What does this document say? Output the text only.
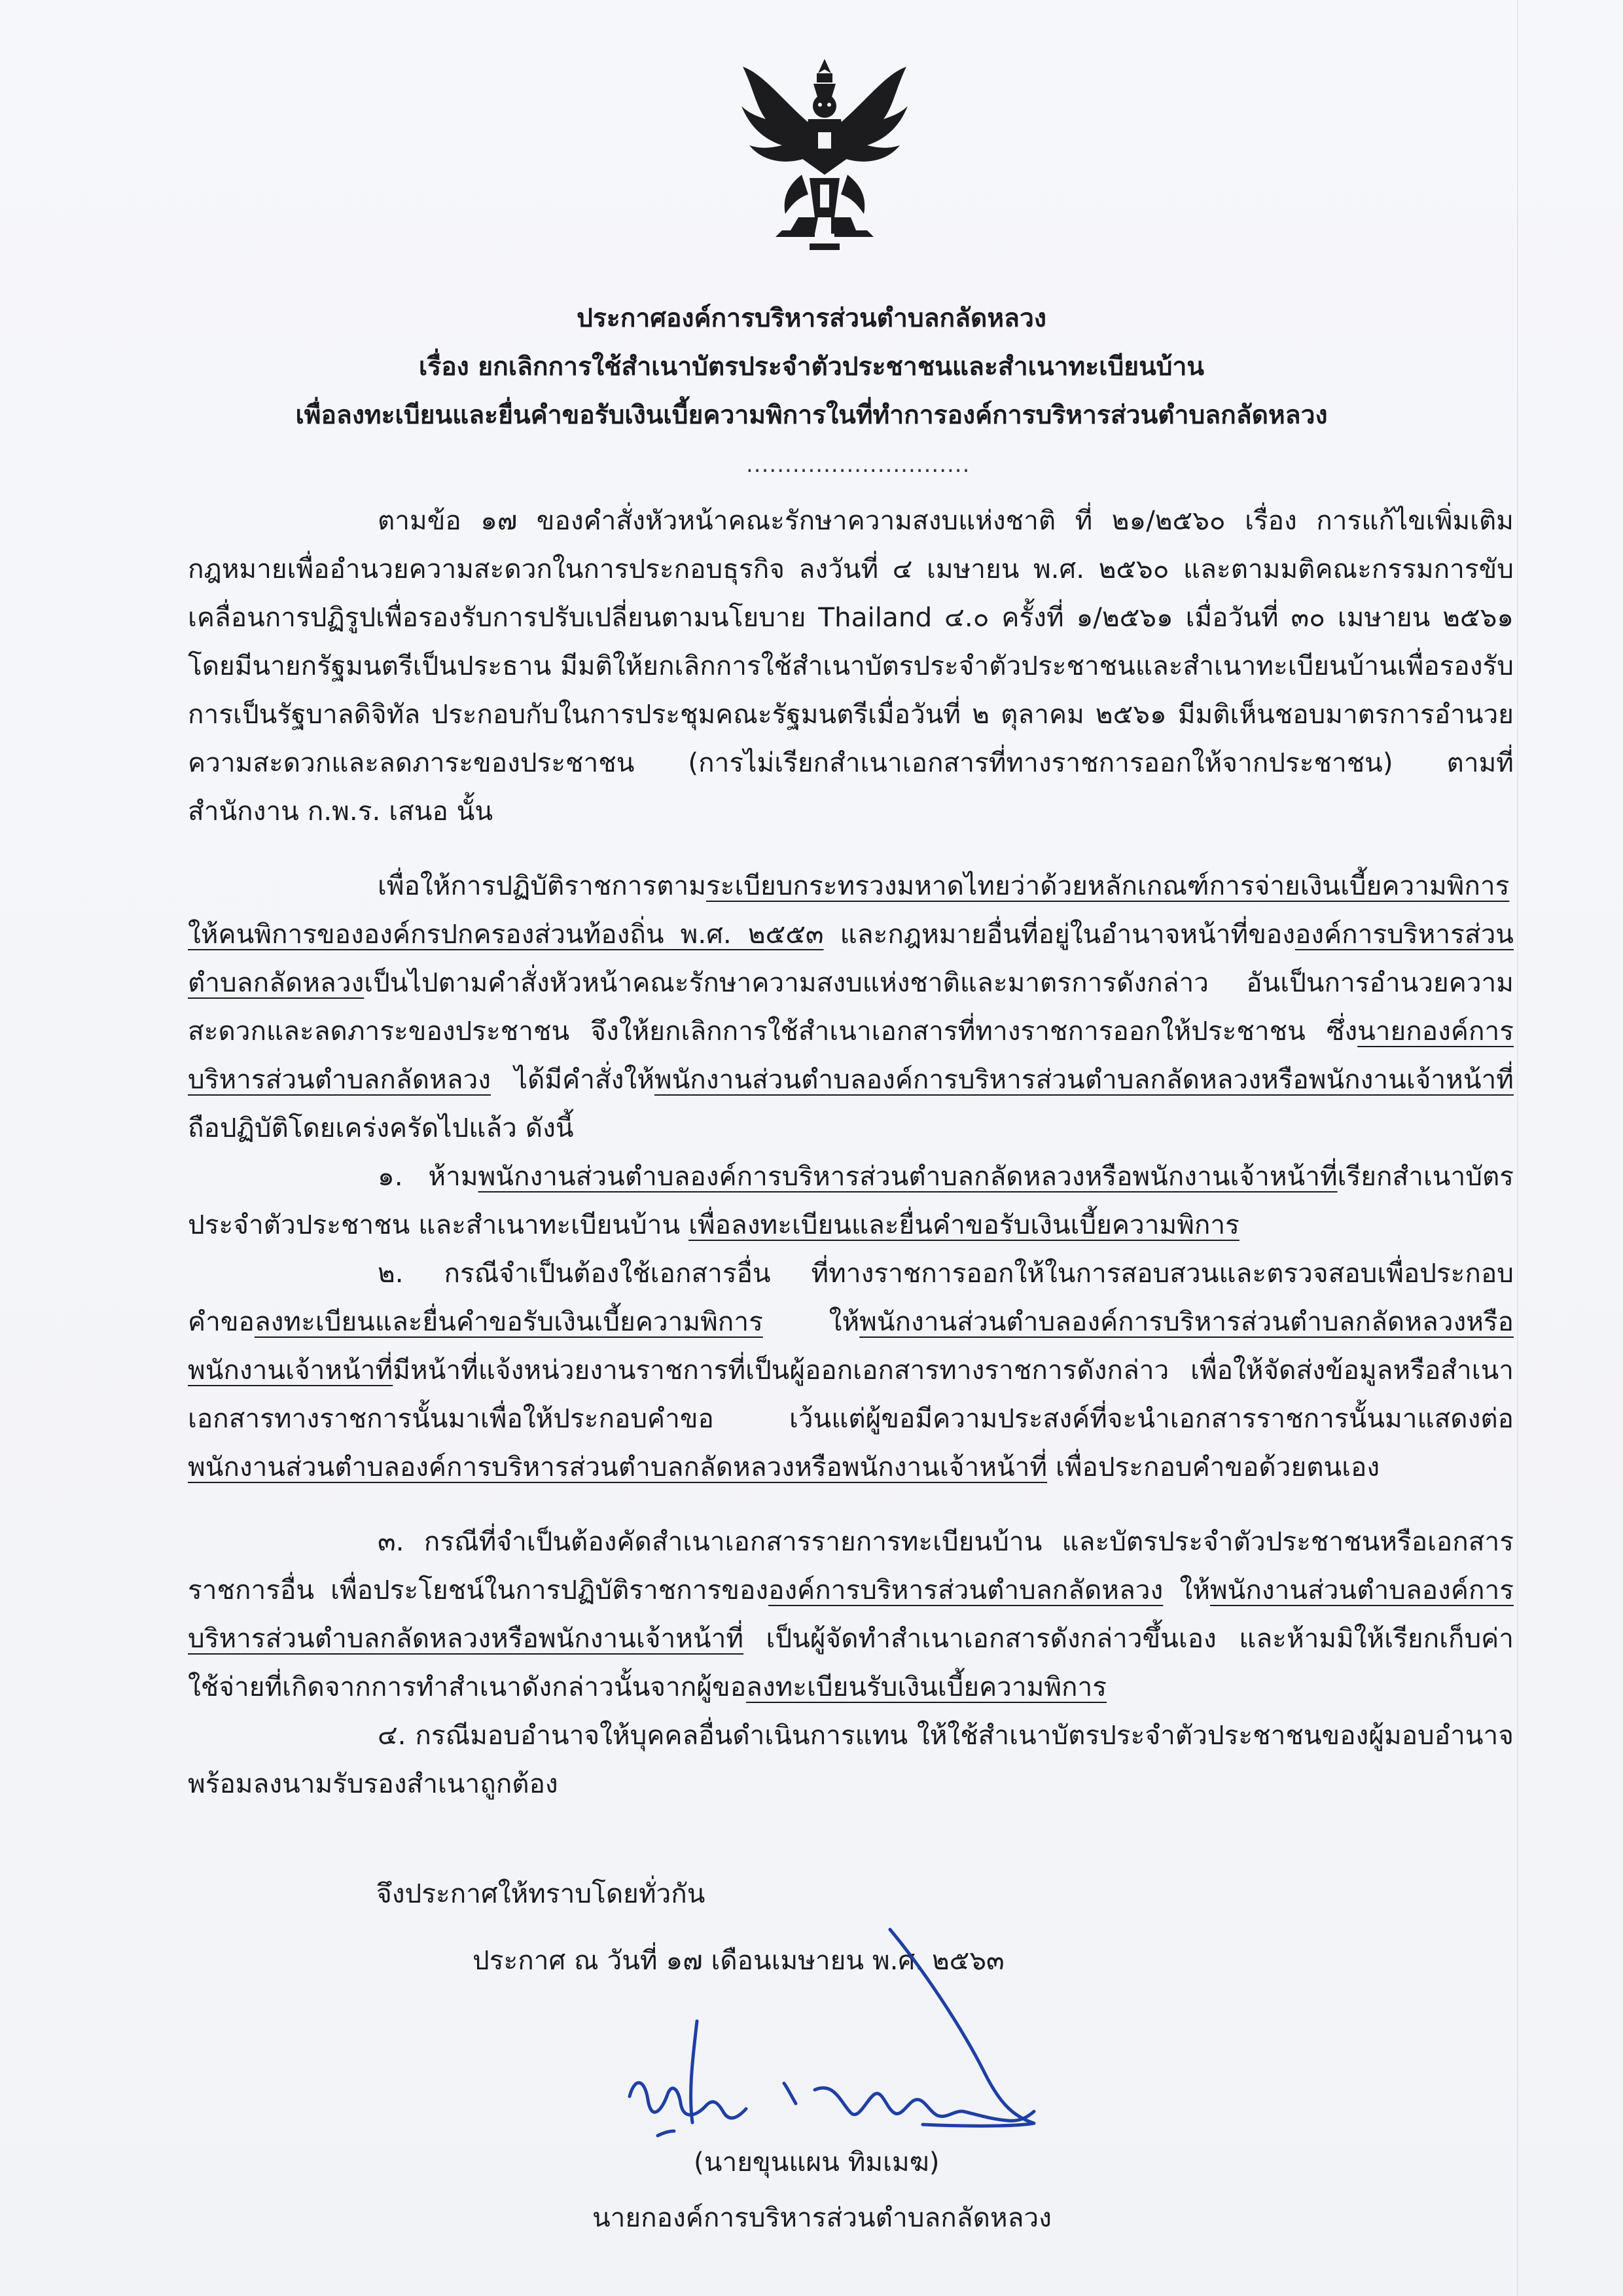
ประกาศองค์การบริหารส่วนตำบลกลัดหลวง
เรื่อง ยกเลิกการใช้สำเนาบัตรประจำตัวประชาชนและสำเนาทะเบียนบ้าน
เพื่อลงทะเบียนและยื่นคำขอรับเงินเบี้ยความพิการในที่ทำการองค์การบริหารส่วนตำบลกลัดหลวง
.............................

ตามข้อ ๑๗ ของคำสั่งหัวหน้าคณะรักษาความสงบแห่งชาติ ที่ ๒๑/๒๕๖๐ เรื่อง การแก้ไขเพิ่มเติมกฎหมายเพื่ออำนวยความสะดวกในการประกอบธุรกิจ ลงวันที่ ๔ เมษายน พ.ศ. ๒๕๖๐ และตามมติคณะกรรมการขับเคลื่อนการปฏิรูปเพื่อรองรับการปรับเปลี่ยนตามนโยบาย Thailand ๔.๐ ครั้งที่ ๑/๒๕๖๑ เมื่อวันที่ ๓๐ เมษายน ๒๕๖๑ โดยมีนายกรัฐมนตรีเป็นประธาน มีมติให้ยกเลิกการใช้สำเนาบัตรประจำตัวประชาชนและสำเนาทะเบียนบ้านเพื่อรองรับการเป็นรัฐบาลดิจิทัล ประกอบกับในการประชุมคณะรัฐมนตรีเมื่อวันที่ ๒ ตุลาคม ๒๕๖๑ มีมติเห็นชอบมาตรการอำนวยความสะดวกและลดภาระของประชาชน (การไม่เรียกสำเนาเอกสารที่ทางราชการออกให้จากประชาชน) ตามที่สำนักงาน ก.พ.ร. เสนอ นั้น

เพื่อให้การปฏิบัติราชการตามระเบียบกระทรวงมหาดไทยว่าด้วยหลักเกณฑ์การจ่ายเงินเบี้ยความพิการให้คนพิการขององค์กรปกครองส่วนท้องถิ่น พ.ศ. ๒๕๕๓ และกฎหมายอื่นที่อยู่ในอำนาจหน้าที่ขององค์การบริหารส่วนตำบลกลัดหลวงเป็นไปตามคำสั่งหัวหน้าคณะรักษาความสงบแห่งชาติและมาตรการดังกล่าว อันเป็นการอำนวยความสะดวกและลดภาระของประชาชน จึงให้ยกเลิกการใช้สำเนาเอกสารที่ทางราชการออกให้ประชาชน ซึ่งนายกองค์การบริหารส่วนตำบลกลัดหลวง ได้มีคำสั่งให้พนักงานส่วนตำบลองค์การบริหารส่วนตำบลกลัดหลวงหรือพนักงานเจ้าหน้าที่ถือปฏิบัติโดยเคร่งครัดไปแล้ว ดังนี้

๑. ห้ามพนักงานส่วนตำบลองค์การบริหารส่วนตำบลกลัดหลวงหรือพนักงานเจ้าหน้าที่เรียกสำเนาบัตรประจำตัวประชาชน และสำเนาทะเบียนบ้าน เพื่อลงทะเบียนและยื่นคำขอรับเงินเบี้ยความพิการ

๒. กรณีจำเป็นต้องใช้เอกสารอื่น ที่ทางราชการออกให้ในการสอบสวนและตรวจสอบเพื่อประกอบคำขอลงทะเบียนและยื่นคำขอรับเงินเบี้ยความพิการ ให้พนักงานส่วนตำบลองค์การบริหารส่วนตำบลกลัดหลวงหรือพนักงานเจ้าหน้าที่มีหน้าที่แจ้งหน่วยงานราชการที่เป็นผู้ออกเอกสารทางราชการดังกล่าว เพื่อให้จัดส่งข้อมูลหรือสำเนาเอกสารทางราชการนั้นมาเพื่อให้ประกอบคำขอ เว้นแต่ผู้ขอมีความประสงค์ที่จะนำเอกสารราชการนั้นมาแสดงต่อพนักงานส่วนตำบลองค์การบริหารส่วนตำบลกลัดหลวงหรือพนักงานเจ้าหน้าที่ เพื่อประกอบคำขอด้วยตนเอง

๓. กรณีที่จำเป็นต้องคัดสำเนาเอกสารรายการทะเบียนบ้าน และบัตรประจำตัวประชาชนหรือเอกสารราชการอื่น เพื่อประโยชน์ในการปฏิบัติราชการขององค์การบริหารส่วนตำบลกลัดหลวง ให้พนักงานส่วนตำบลองค์การบริหารส่วนตำบลกลัดหลวงหรือพนักงานเจ้าหน้าที่ เป็นผู้จัดทำสำเนาเอกสารดังกล่าวขึ้นเอง และห้ามมิให้เรียกเก็บค่าใช้จ่ายที่เกิดจากการทำสำเนาดังกล่าวนั้นจากผู้ขอลงทะเบียนรับเงินเบี้ยความพิการ

๔. กรณีมอบอำนาจให้บุคคลอื่นดำเนินการแทน ให้ใช้สำเนาบัตรประจำตัวประชาชนของผู้มอบอำนาจพร้อมลงนามรับรองสำเนาถูกต้อง

จึงประกาศให้ทราบโดยทั่วกัน
ประกาศ ณ วันที่ ๑๗ เดือนเมษายน พ.ศ. ๒๕๖๓
(นายขุนแผน ทิมเมฆ)
นายกองค์การบริหารส่วนตำบลกลัดหลวง
